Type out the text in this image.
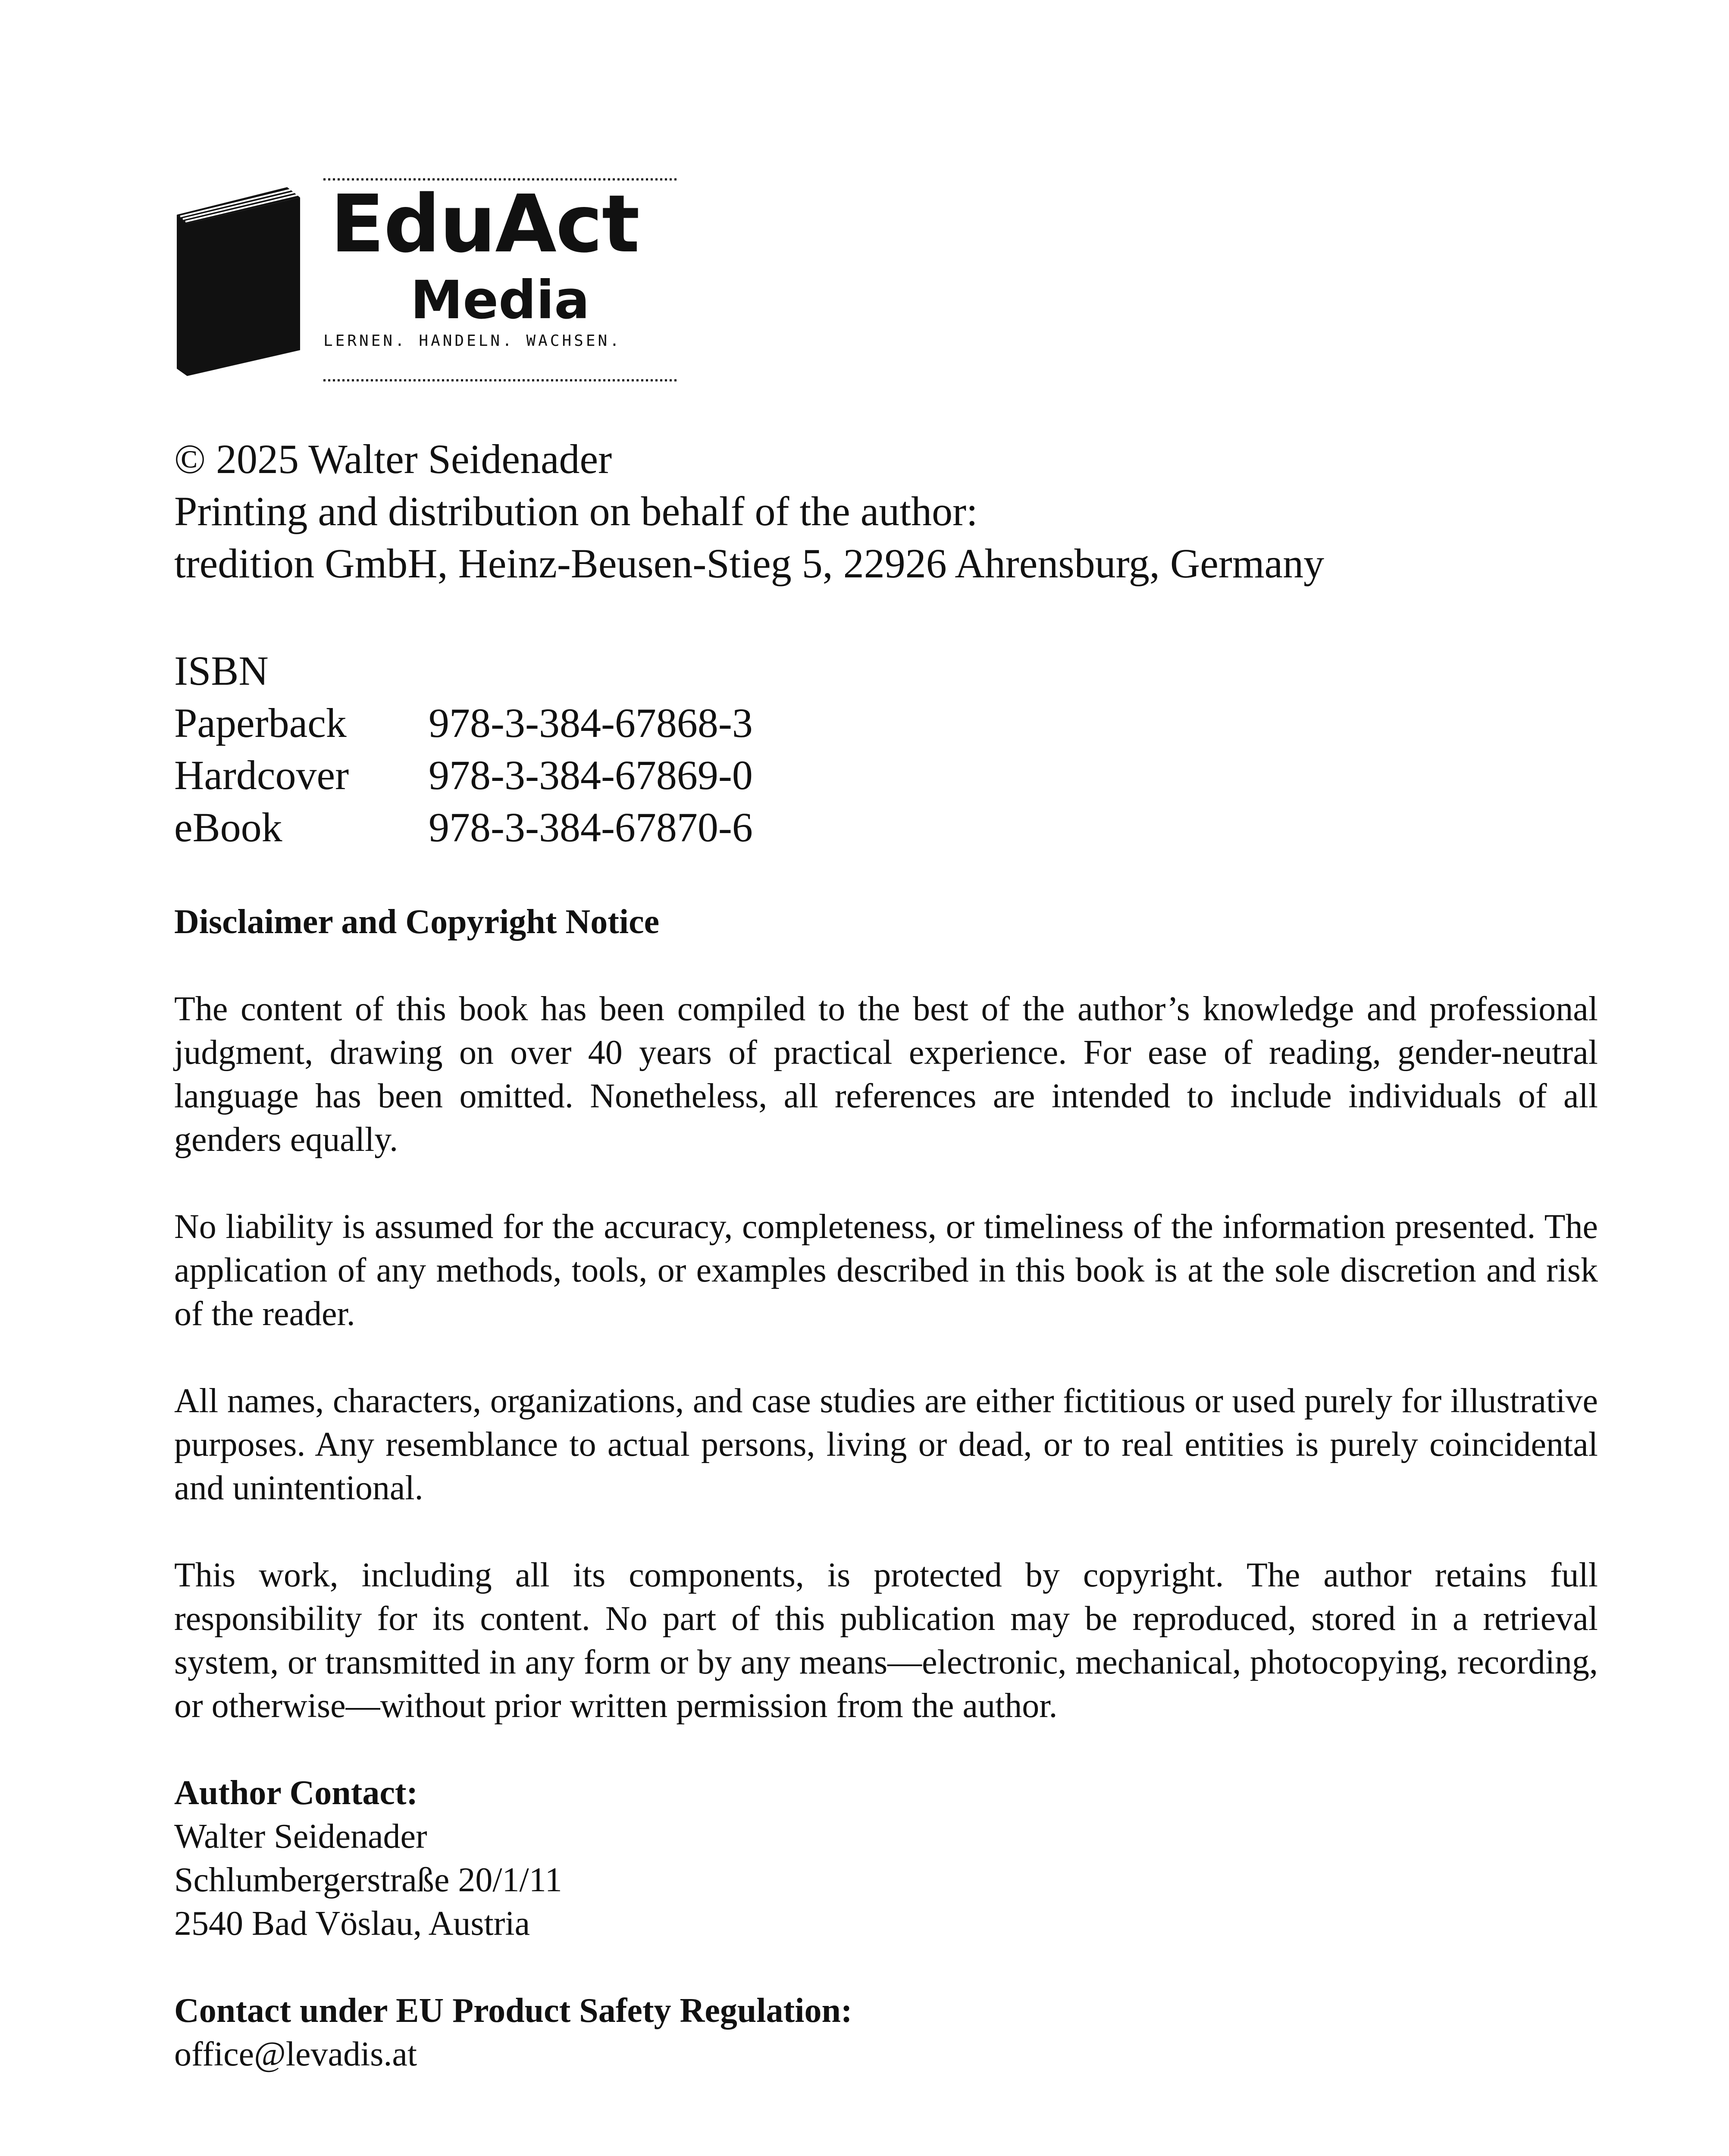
EduAct
Media
LERNEN. HANDELN. WACHSEN.
© 2025 Walter Seidenader
Printing and distribution on behalf of the author:
tredition GmbH, Heinz-Beusen-Stieg 5, 22926 Ahrensburg, Germany
ISBN
Paperback	978-3-384-67868-3
Hardcover	978-3-384-67869-0
eBook	978-3-384-67870-6

Disclaimer and Copyright Notice

The content of this book has been compiled to the best of the author’s knowledge and professional judgment, drawing on over 40 years of practical experience. For ease of reading, gender-neutral language has been omitted. Nonetheless, all references are intended to include individuals of all genders equally.

No liability is assumed for the accuracy, completeness, or timeliness of the information presented. The application of any methods, tools, or examples described in this book is at the sole discretion and risk of the reader.

All names, characters, organizations, and case studies are either fictitious or used purely for illustrative purposes. Any resemblance to actual persons, living or dead, or to real entities is purely coincidental and unintentional.

This work, including all its components, is protected by copyright. The author retains full responsibility for its content. No part of this publication may be reproduced, stored in a retrieval system, or transmitted in any form or by any means—electronic, mechanical, photocopying, recording, or otherwise—without prior written permission from the author.

Author Contact:

Walter Seidenader
Schlumbergerstraße 20/1/11
2540 Bad Vöslau, Austria

Contact under EU Product Safety Regulation:

office@levadis.at
